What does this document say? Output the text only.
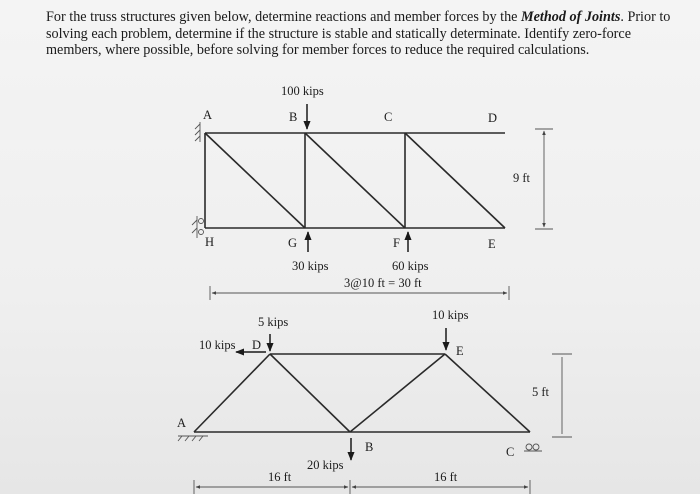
For the truss structures given below, determine reactions and member forces by the Method of Joints. Prior to

solving each problem, determine if the structure is stable and statically determinate. Identify zero-force

members, where possible, before solving for member forces to reduce the required calculations.

A	B	C	D
E
F
G
H
100 kips
30 kips	60 kips
3@10 ft = 30 ft
9 ft
A
D	E
B	C
5 kips
10 kips
10 kips
20 kips
5 ft
16 ft	16 ft
